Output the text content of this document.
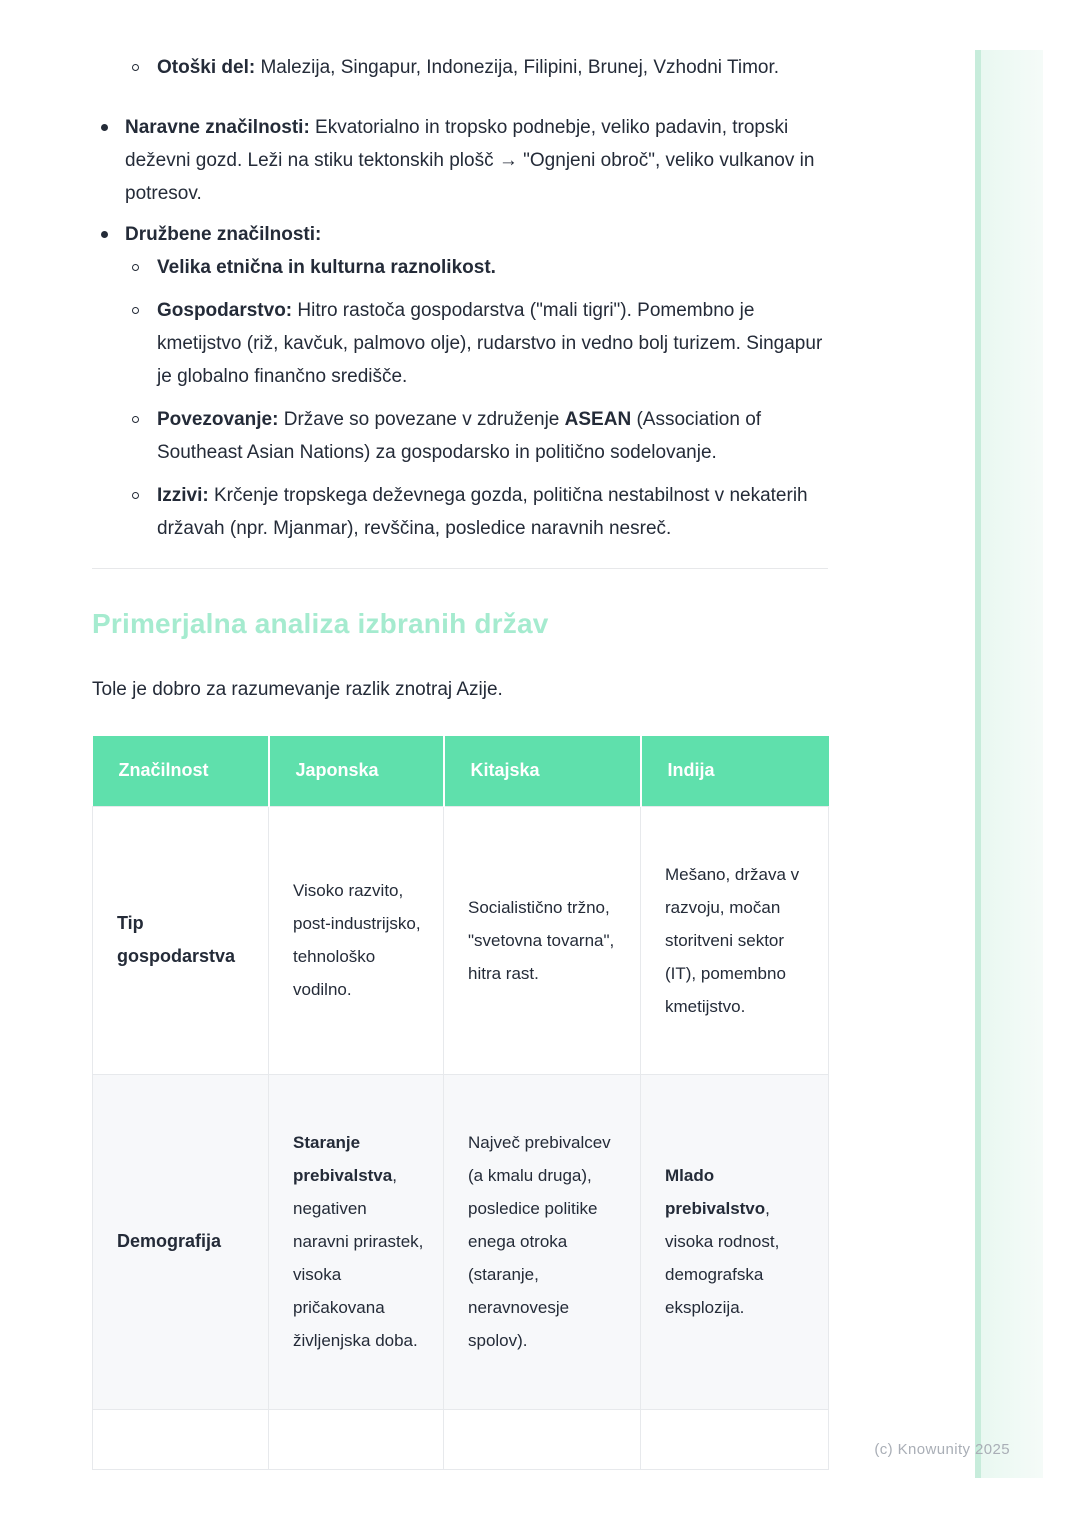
Otoški del: Malezija, Singapur, Indonezija, Filipini, Brunej, Vzhodni Timor.
Naravne značilnosti: Ekvatorialno in tropsko podnebje, veliko padavin, tropski deževni gozd. Leži na stiku tektonskih plošč → "Ognjeni obroč", veliko vulkanov in potresov.
Družbene značilnosti:
Velika etnična in kulturna raznolikost.
Gospodarstvo: Hitro rastoča gospodarstva ("mali tigri"). Pomembno je kmetijstvo (riž, kavčuk, palmovo olje), rudarstvo in vedno bolj turizem. Singapur je globalno finančno središče.
Povezovanje: Države so povezane v združenje ASEAN (Association of Southeast Asian Nations) za gospodarsko in politično sodelovanje.
Izzivi: Krčenje tropskega deževnega gozda, politična nestabilnost v nekaterih državah (npr. Mjanmar), revščina, posledice naravnih nesreč.
Primerjalna analiza izbranih držav

Tole je dobro za razumevanje razlik znotraj Azije.

Značilnost	Japonska	Kitajska	Indija
Tip gospodarstva	Visoko razvito, post-industrijsko, tehnološko vodilno.	Socialistično tržno, "svetovna tovarna", hitra rast.	Mešano, država v razvoju, močan storitveni sektor (IT), pomembno kmetijstvo.
Demografija	Staranje prebivalstva, negativen naravni prirastek, visoka pričakovana življenjska doba.	Največ prebivalcev (a kmalu druga), posledice politike enega otroka (staranje, neravnovesje spolov).	Mlado prebivalstvo, visoka rodnost, demografska eksplozija.

(c) Knowunity 2025
